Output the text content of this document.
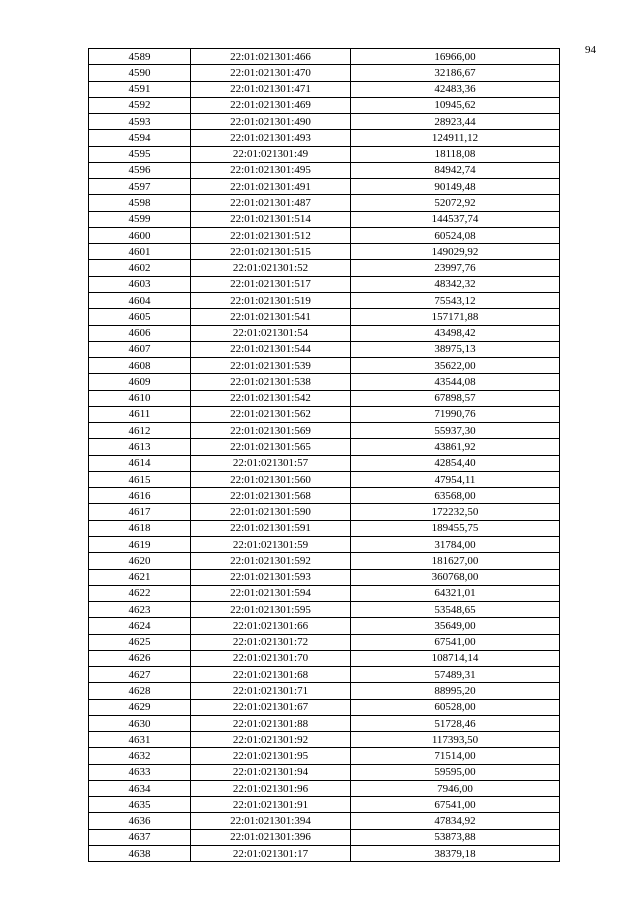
94
4589	22:01:021301:466	16966,00
4590	22:01:021301:470	32186,67
4591	22:01:021301:471	42483,36
4592	22:01:021301:469	10945,62
4593	22:01:021301:490	28923,44
4594	22:01:021301:493	124911,12
4595	22:01:021301:49	18118,08
4596	22:01:021301:495	84942,74
4597	22:01:021301:491	90149,48
4598	22:01:021301:487	52072,92
4599	22:01:021301:514	144537,74
4600	22:01:021301:512	60524,08
4601	22:01:021301:515	149029,92
4602	22:01:021301:52	23997,76
4603	22:01:021301:517	48342,32
4604	22:01:021301:519	75543,12
4605	22:01:021301:541	157171,88
4606	22:01:021301:54	43498,42
4607	22:01:021301:544	38975,13
4608	22:01:021301:539	35622,00
4609	22:01:021301:538	43544,08
4610	22:01:021301:542	67898,57
4611	22:01:021301:562	71990,76
4612	22:01:021301:569	55937,30
4613	22:01:021301:565	43861,92
4614	22:01:021301:57	42854,40
4615	22:01:021301:560	47954,11
4616	22:01:021301:568	63568,00
4617	22:01:021301:590	172232,50
4618	22:01:021301:591	189455,75
4619	22:01:021301:59	31784,00
4620	22:01:021301:592	181627,00
4621	22:01:021301:593	360768,00
4622	22:01:021301:594	64321,01
4623	22:01:021301:595	53548,65
4624	22:01:021301:66	35649,00
4625	22:01:021301:72	67541,00
4626	22:01:021301:70	108714,14
4627	22:01:021301:68	57489,31
4628	22:01:021301:71	88995,20
4629	22:01:021301:67	60528,00
4630	22:01:021301:88	51728,46
4631	22:01:021301:92	117393,50
4632	22:01:021301:95	71514,00
4633	22:01:021301:94	59595,00
4634	22:01:021301:96	7946,00
4635	22:01:021301:91	67541,00
4636	22:01:021301:394	47834,92
4637	22:01:021301:396	53873,88
4638	22:01:021301:17	38379,18
